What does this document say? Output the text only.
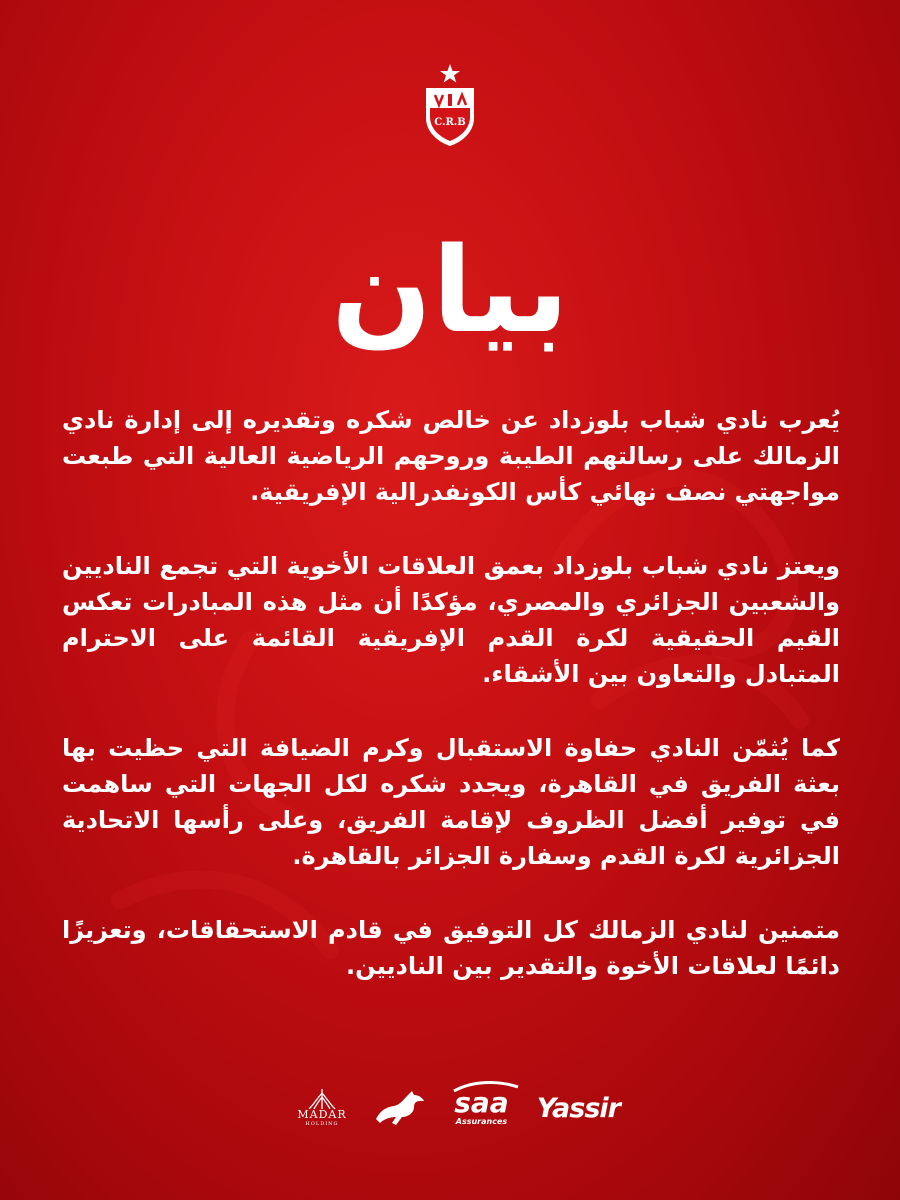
C.R.B
بيان

يُعرب نادي شباب بلوزداد عن خالص شكره وتقديره إلى إدارة نادي الزمالك على رسالتهم الطيبة وروحهم الرياضية العالية التي طبعت مواجهتي نصف نهائي كأس الكونفدرالية الإفريقية.

ويعتز نادي شباب بلوزداد بعمق العلاقات الأخوية التي تجمع الناديين والشعبين الجزائري والمصري، مؤكدًا أن مثل هذه المبادرات تعكس القيم الحقيقية لكرة القدم الإفريقية القائمة على الاحترام المتبادل والتعاون بين الأشقاء.

كما يُثمّن النادي حفاوة الاستقبال وكرم الضيافة التي حظيت بها بعثة الفريق في القاهرة، ويجدد شكره لكل الجهات التي ساهمت في توفير أفضل الظروف لإقامة الفريق، وعلى رأسها الاتحادية الجزائرية لكرة القدم وسفارة الجزائر بالقاهرة.

متمنين لنادي الزمالك كل التوفيق في قادم الاستحقاقات، وتعزيزًا دائمًا لعلاقات الأخوة والتقدير بين الناديين.

MADAR
HOLDING
saa
Assurances Yassir
